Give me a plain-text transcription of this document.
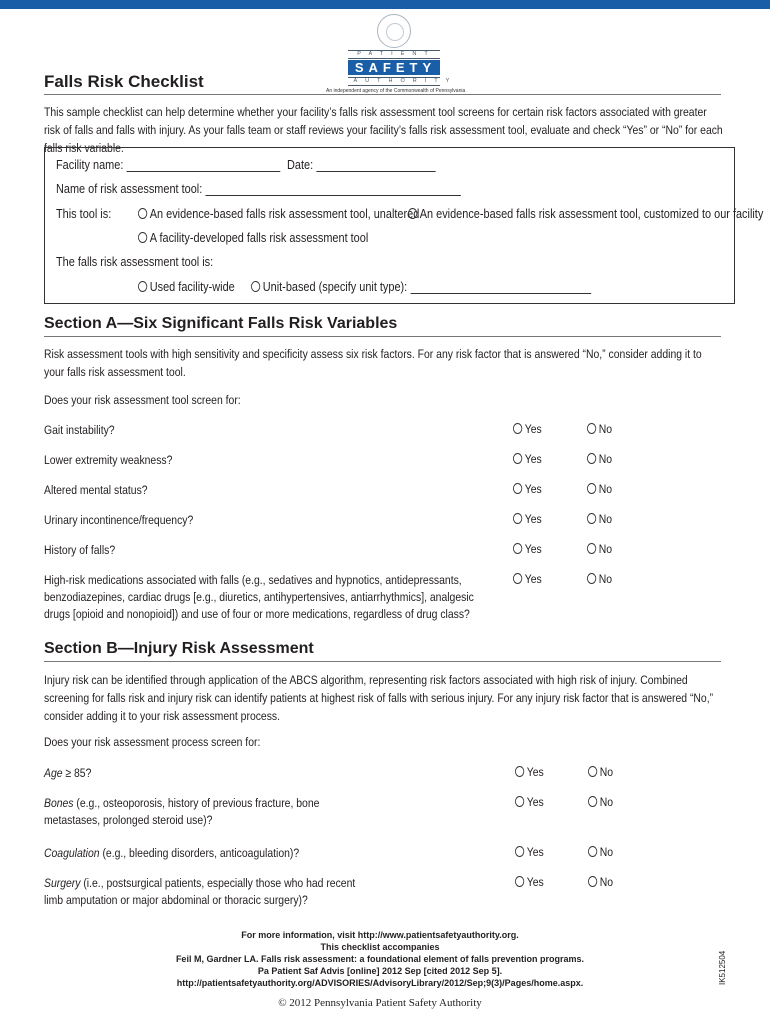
PATIENT
SAFETY
AUTHORITY
An independent agency of the Commonwealth of Pennsylvania
Falls Risk Checklist
This sample checklist can help determine whether your facility’s falls risk assessment tool screens for certain risk factors associated with greater risk of falls and falls with injury. As your falls team or staff reviews your facility’s falls risk assessment tool, evaluate and check “Yes” or “No” for each falls risk variable.
Facility name:	Date:
Name of risk assessment tool:
This tool is:	An evidence-based falls risk assessment tool, unaltered An evidence-based falls risk assessment tool, customized to our facility
A facility-developed falls risk assessment tool
The falls risk assessment tool is:
Used facility-wide	Unit-based (specify unit type):
Section A—Six Significant Falls Risk Variables
Risk assessment tools with high sensitivity and specificity assess six risk factors. For any risk factor that is answered “No,” consider adding it to your falls risk assessment tool.
Does your risk assessment tool screen for:
Gait instability?	Yes	No
Lower extremity weakness?	Yes	No
Altered mental status?	Yes	No
Urinary incontinence/frequency?	Yes	No
History of falls?	Yes	No
High-risk medications associated with falls (e.g., sedatives and hypnotics, antidepressants, benzodiazepines, cardiac drugs [e.g., diuretics, antihypertensives, antiarrhythmics], analgesic drugs [opioid and nonopioid]) and use of four or more medications, regardless of drug class?
Yes	No
Section B—Injury Risk Assessment
Injury risk can be identified through application of the ABCS algorithm, representing risk factors associated with high risk of injury. Combined screening for falls risk and injury risk can identify patients at highest risk of falls with serious injury. For any injury risk factor that is answered “No,” consider adding it to your risk assessment process.
Does your risk assessment process screen for:
Age ≥ 85?	Yes	No
Bones (e.g., osteoporosis, history of previous fracture, bone metastases, prolonged steroid use)?
Yes	No
Coagulation (e.g., bleeding disorders, anticoagulation)?	Yes	No
Surgery (i.e., postsurgical patients, especially those who had recent limb amputation or major abdominal or thoracic surgery)?
Yes	No
For more information, visit http://www.patientsafetyauthority.org.
This checklist accompanies
Feil M, Gardner LA. Falls risk assessment: a foundational element of falls prevention programs.
Pa Patient Saf Advis [online] 2012 Sep [cited 2012 Sep 5].
http://patientsafetyauthority.org/ADVISORIES/AdvisoryLibrary/2012/Sep;9(3)/Pages/home.aspx.
© 2012 Pennsylvania Patient Safety Authority
IK512504
